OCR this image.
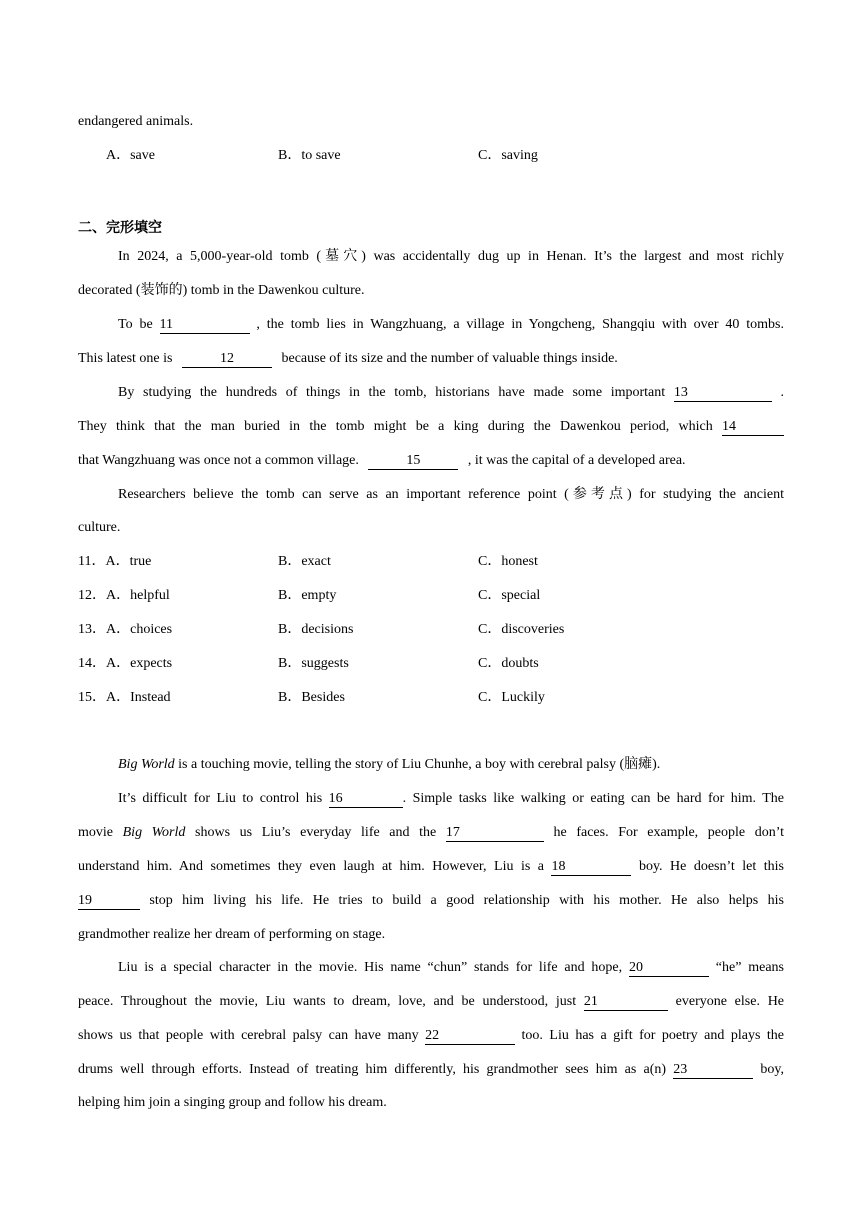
endangered animals.
A．save	B．to save	C．saving
二、完形填空
In 2024, a 5,000-year-old tomb (墓穴) was accidentally dug up in Henan. It’s the largest and most richly
decorated (装饰的) tomb in the Dawenkou culture.
To be 11	, the tomb lies in Wangzhuang, a village in Yongcheng, Shangqiu with over 40 tombs.
This latest one is	12	because of its size and the number of valuable things inside.
By studying the hundreds of things in the tomb, historians have made some important 13	.
They think that the man buried in the tomb might be a king during the Dawenkou period, which 14
that Wangzhuang was once not a common village.	15	, it was the capital of a developed area.
Researchers believe the tomb can serve as an important reference point (参考点) for studying the ancient
culture.
11．A．true	B．exact	C．honest
12．A．helpful	B．empty	C．special
13．A．choices	B．decisions	C．discoveries
14．A．expects	B．suggests	C．doubts
15．A．Instead	B．Besides	C．Luckily
Big World is a touching movie, telling the story of Liu Chunhe, a boy with cerebral palsy (脑瘫).
It’s difficult for Liu to control his 16	. Simple tasks like walking or eating can be hard for him. The
movie Big World shows us Liu’s everyday life and the 17	he faces. For example, people don’t
understand him. And sometimes they even laugh at him. However, Liu is a 18	boy. He doesn’t let this
19	stop him living his life. He tries to build a good relationship with his mother. He also helps his
grandmother realize her dream of performing on stage.
Liu is a special character in the movie. His name “chun” stands for life and hope, 20	“he” means
peace. Throughout the movie, Liu wants to dream, love, and be understood, just 21	everyone else. He
shows us that people with cerebral palsy can have many 22	too. Liu has a gift for poetry and plays the
drums well through efforts. Instead of treating him differently, his grandmother sees him as a(n) 23	boy,
helping him join a singing group and follow his dream.
